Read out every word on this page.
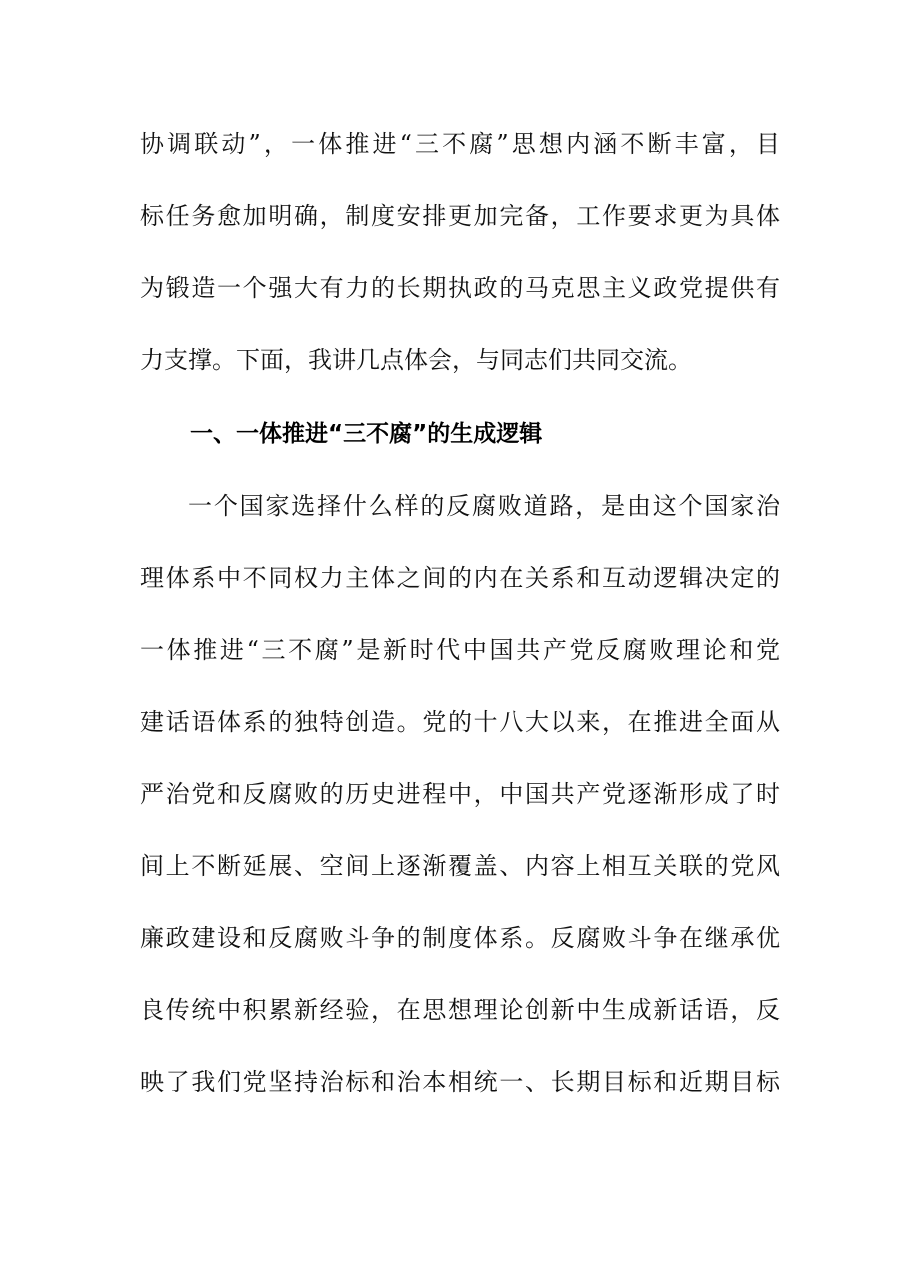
协调联动”，一体推进“三不腐”思想内涵不断丰富，目
标任务愈加明确，制度安排更加完备，工作要求更为具体
为锻造一个强大有力的长期执政的马克思主义政党提供有
力支撑。下面，我讲几点体会，与同志们共同交流。
一、一体推进“三不腐”的生成逻辑
一个国家选择什么样的反腐败道路，是由这个国家治
理体系中不同权力主体之间的内在关系和互动逻辑决定的
一体推进“三不腐”是新时代中国共产党反腐败理论和党
建话语体系的独特创造。党的十八大以来，在推进全面从
严治党和反腐败的历史进程中，中国共产党逐渐形成了时
间上不断延展、空间上逐渐覆盖、内容上相互关联的党风
廉政建设和反腐败斗争的制度体系。反腐败斗争在继承优
良传统中积累新经验，在思想理论创新中生成新话语，反
映了我们党坚持治标和治本相统一、长期目标和近期目标
